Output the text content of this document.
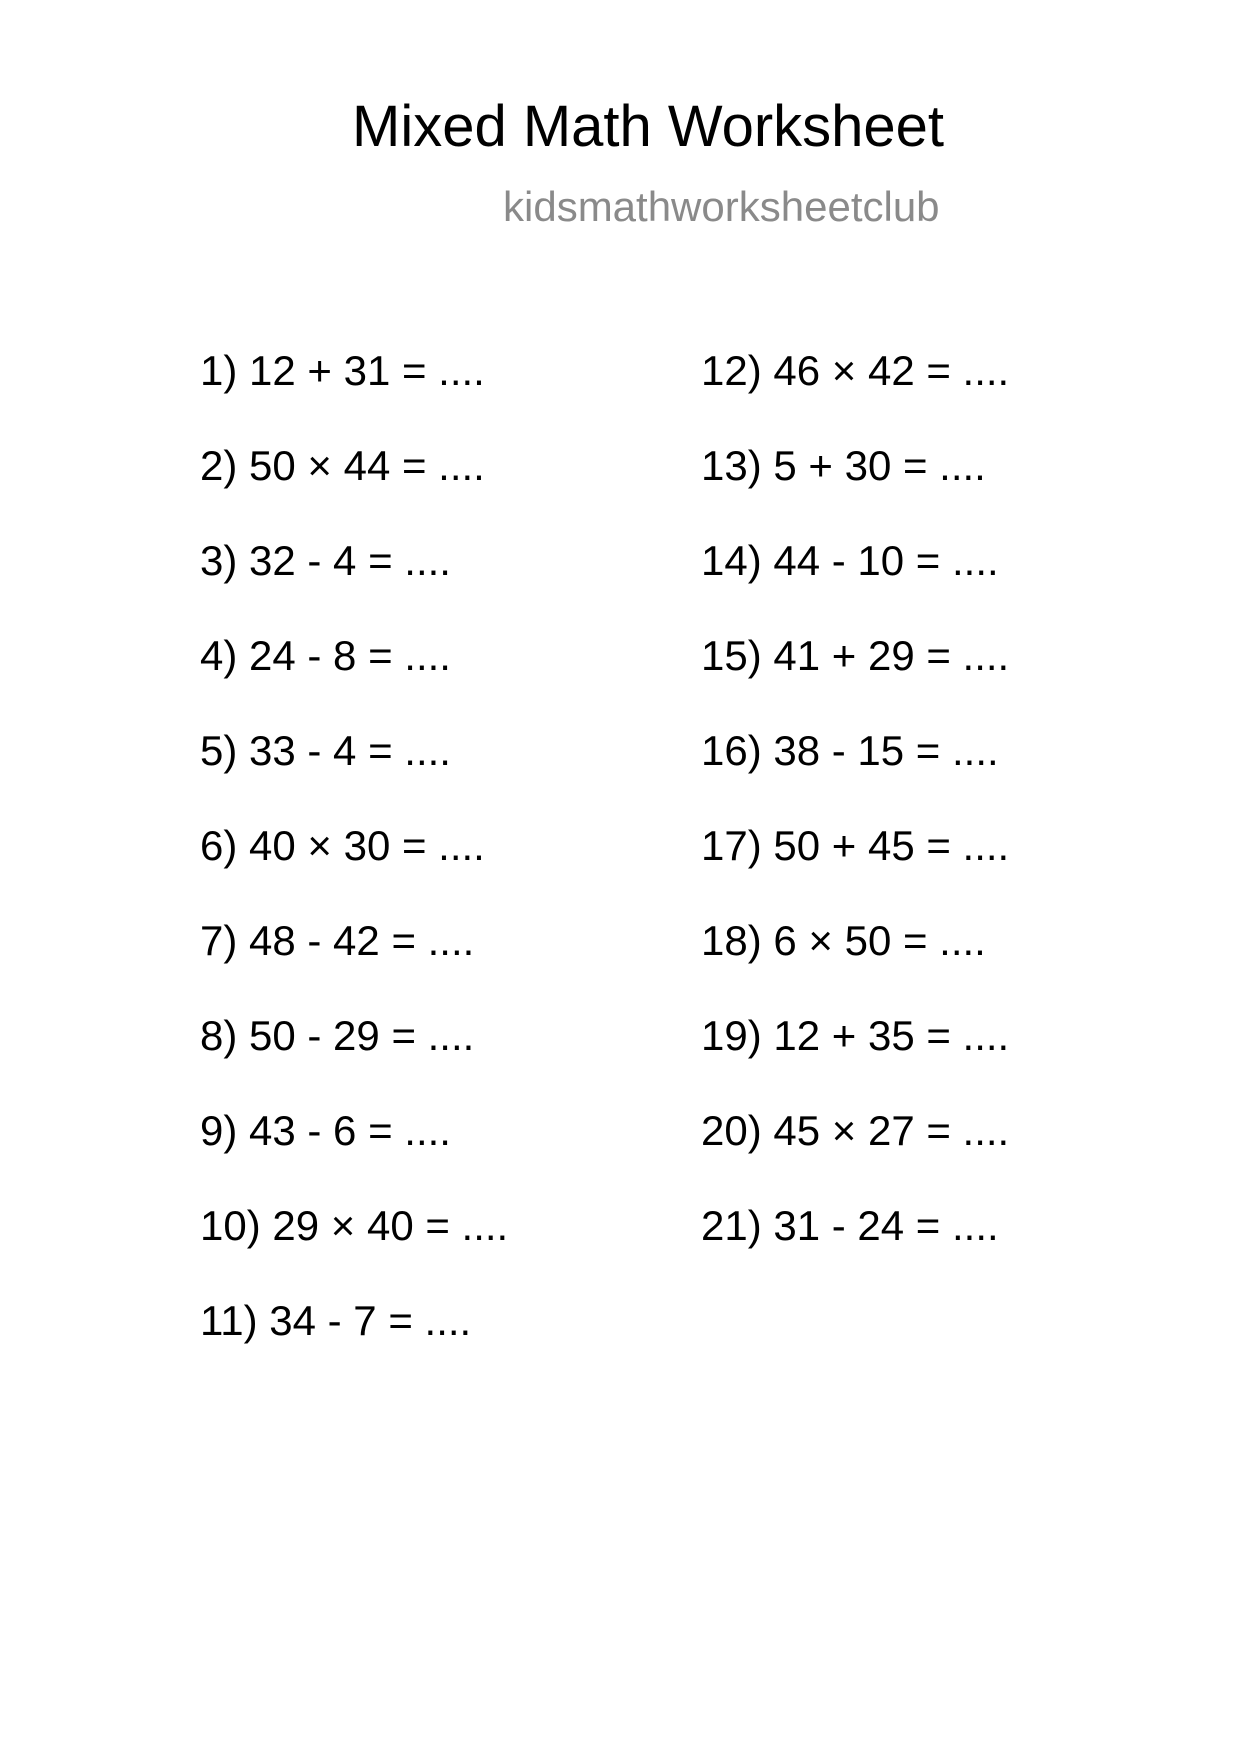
Mixed Math Worksheet
kidsmathworksheetclub
1) 12 + 31 = ....
2) 50 × 44 = ....
3) 32 - 4 = ....
4) 24 - 8 = ....
5) 33 - 4 = ....
6) 40 × 30 = ....
7) 48 - 42 = ....
8) 50 - 29 = ....
9) 43 - 6 = ....
10) 29 × 40 = ....
11) 34 - 7 = ....
12) 46 × 42 = ....
13) 5 + 30 = ....
14) 44 - 10 = ....
15) 41 + 29 = ....
16) 38 - 15 = ....
17) 50 + 45 = ....
18) 6 × 50 = ....
19) 12 + 35 = ....
20) 45 × 27 = ....
21) 31 - 24 = ....
